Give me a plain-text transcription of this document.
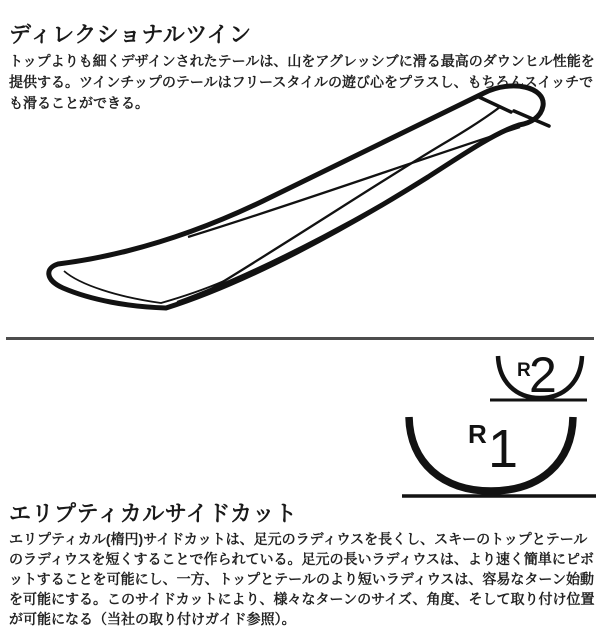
ディレクショナルツイン

トップよりも細くデザインされたテールは、山をアグレッシブに滑る最高のダウンヒル性能を提供する。ツインチップのテールはフリースタイルの遊び心をプラスし、もちろんスイッチでも滑ることができる。

R
2
R 1
エリプティカルサイドカット

エリプティカル(楕円)サイドカットは、足元のラディウスを長くし、スキーのトップとテールのラディウスを短くすることで作られている。足元の長いラディウスは、より速く簡単にピボットすることを可能にし、一方、トップとテールのより短いラディウスは、容易なターン始動を可能にする。このサイドカットにより、様々なターンのサイズ、角度、そして取り付け位置が可能になる（当社の取り付けガイド参照）。
